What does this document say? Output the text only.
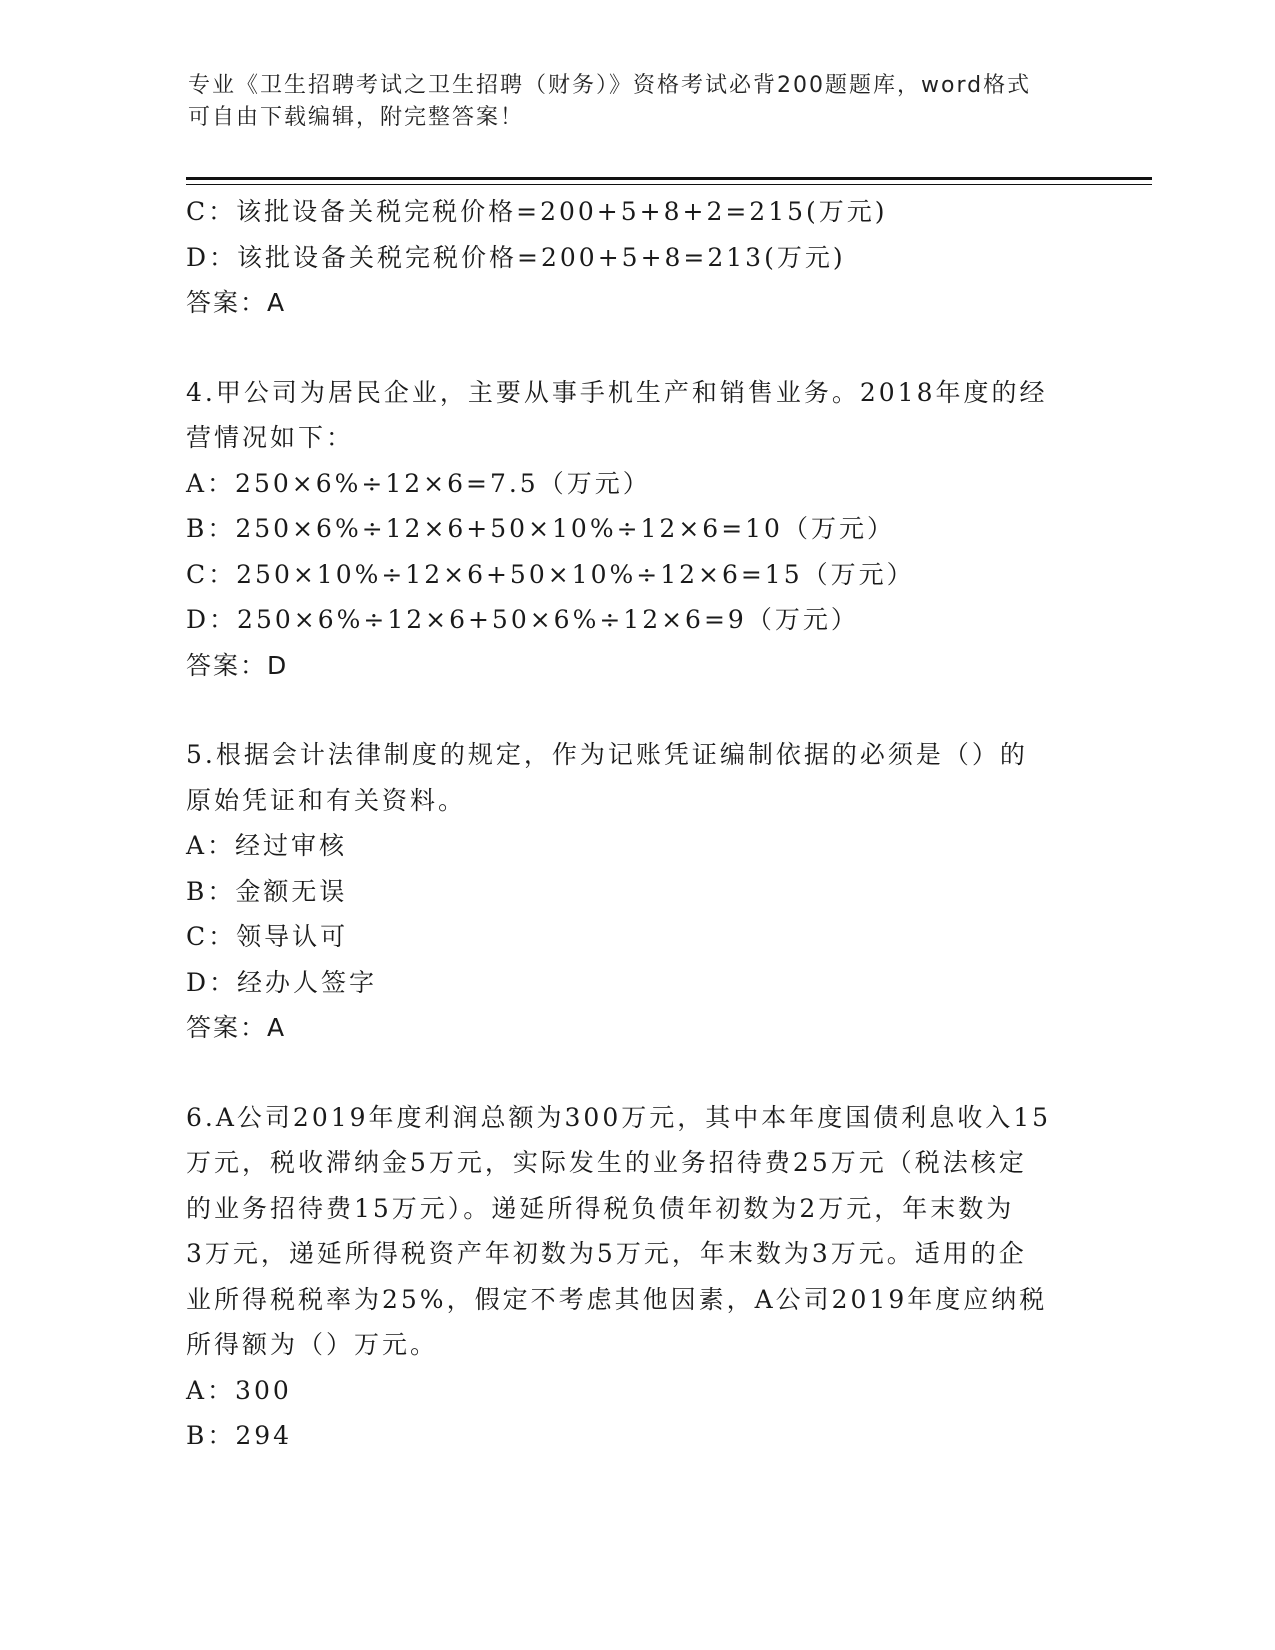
专业《卫生招聘考试之卫生招聘（财务）》资格考试必背200题题库，word格式
可自由下载编辑，附完整答案！
C：该批设备关税完税价格=200+5+8+2=215(万元)
D：该批设备关税完税价格=200+5+8=213(万元)
答案：A
4.甲公司为居民企业，主要从事手机生产和销售业务。2018年度的经
营情况如下：
A：250×6%÷12×6=7.5（万元）
B：250×6%÷12×6+50×10%÷12×6=10（万元）
C：250×10%÷12×6+50×10%÷12×6=15（万元）
D：250×6%÷12×6+50×6%÷12×6=9（万元）
答案：D
5.根据会计法律制度的规定，作为记账凭证编制依据的必须是（）的
原始凭证和有关资料。
A：经过审核
B：金额无误
C：领导认可
D：经办人签字
答案：A
6.A公司2019年度利润总额为300万元，其中本年度国债利息收入15
万元，税收滞纳金5万元，实际发生的业务招待费25万元（税法核定
的业务招待费15万元）。递延所得税负债年初数为2万元，年末数为
3万元，递延所得税资产年初数为5万元，年末数为3万元。适用的企
业所得税税率为25%，假定不考虑其他因素，A公司2019年度应纳税
所得额为（）万元。
A：300
B：294
